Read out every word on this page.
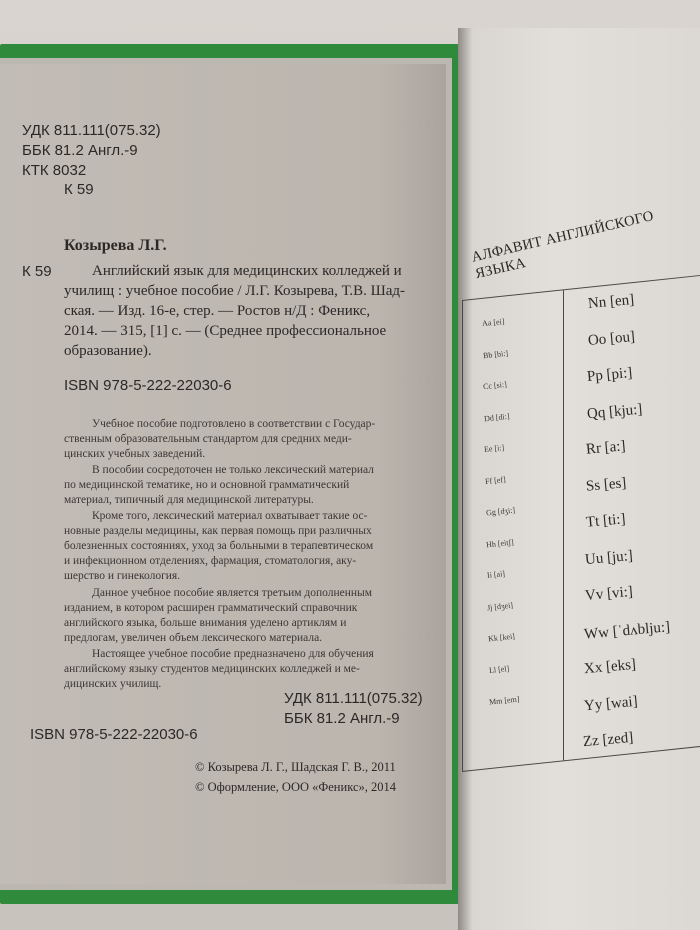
УДК 811.111(075.32)
ББК 81.2 Англ.-9
КТК 8032
К 59
Козырева Л.Г.
К 59	Английский язык для медицинских колледжей и
училищ : учебное пособие / Л.Г. Козырева, Т.В. Шад-
ская. — Изд. 16-е, стер. — Ростов н/Д : Феникс,
2014. — 315, [1] с. — (Среднее профессиональное
образование).
ISBN 978-5-222-22030-6
Учебное пособие подготовлено в соответствии с Государ-
ственным образовательным стандартом для средних меди-
цинских учебных заведений.
В пособии сосредоточен не только лексический материал
по медицинской тематике, но и основной грамматический
материал, типичный для медицинской литературы.
Кроме того, лексический материал охватывает такие ос-
новные разделы медицины, как первая помощь при различных
болезненных состояниях, уход за больными в терапевтическом
и инфекционном отделениях, фармация, стоматология, аку-
шерство и гинекология.
Данное учебное пособие является третьим дополненным
изданием, в котором расширен грамматический справочник
английского языка, больше внимания уделено артиклям и
предлогам, увеличен объем лексического материала.
Настоящее учебное пособие предназначено для обучения
английскому языку студентов медицинских колледжей и ме-
дицинских училищ.
УДК 811.111(075.32)
ББК 81.2 Англ.-9
ISBN 978-5-222-22030-6
© Козырева Л. Г., Шадская Г. В., 2011
© Оформление, ООО «Феникс», 2014
АЛФАВИТ АНГЛИЙСКОГО ЯЗЫКА
Aa [ei]
Bb [bi:]
Cc [si:]
Dd [di:]
Ee [i:]
Ff [ef]
Gg [dʒi:]
Hh [eitʃ]
Ii [ai]
Jj [dʒei]
Kk [kei]
Ll [el]
Mm [em]
Nn [en]
Oo [ou]
Pp [pi:]
Qq [kju:]
Rr [a:]
Ss [es]
Tt [ti:]
Uu [ju:]
Vv [vi:]
Ww [ˈdʌblju:]
Xx [eks]
Yy [wai]
Zz [zed]
